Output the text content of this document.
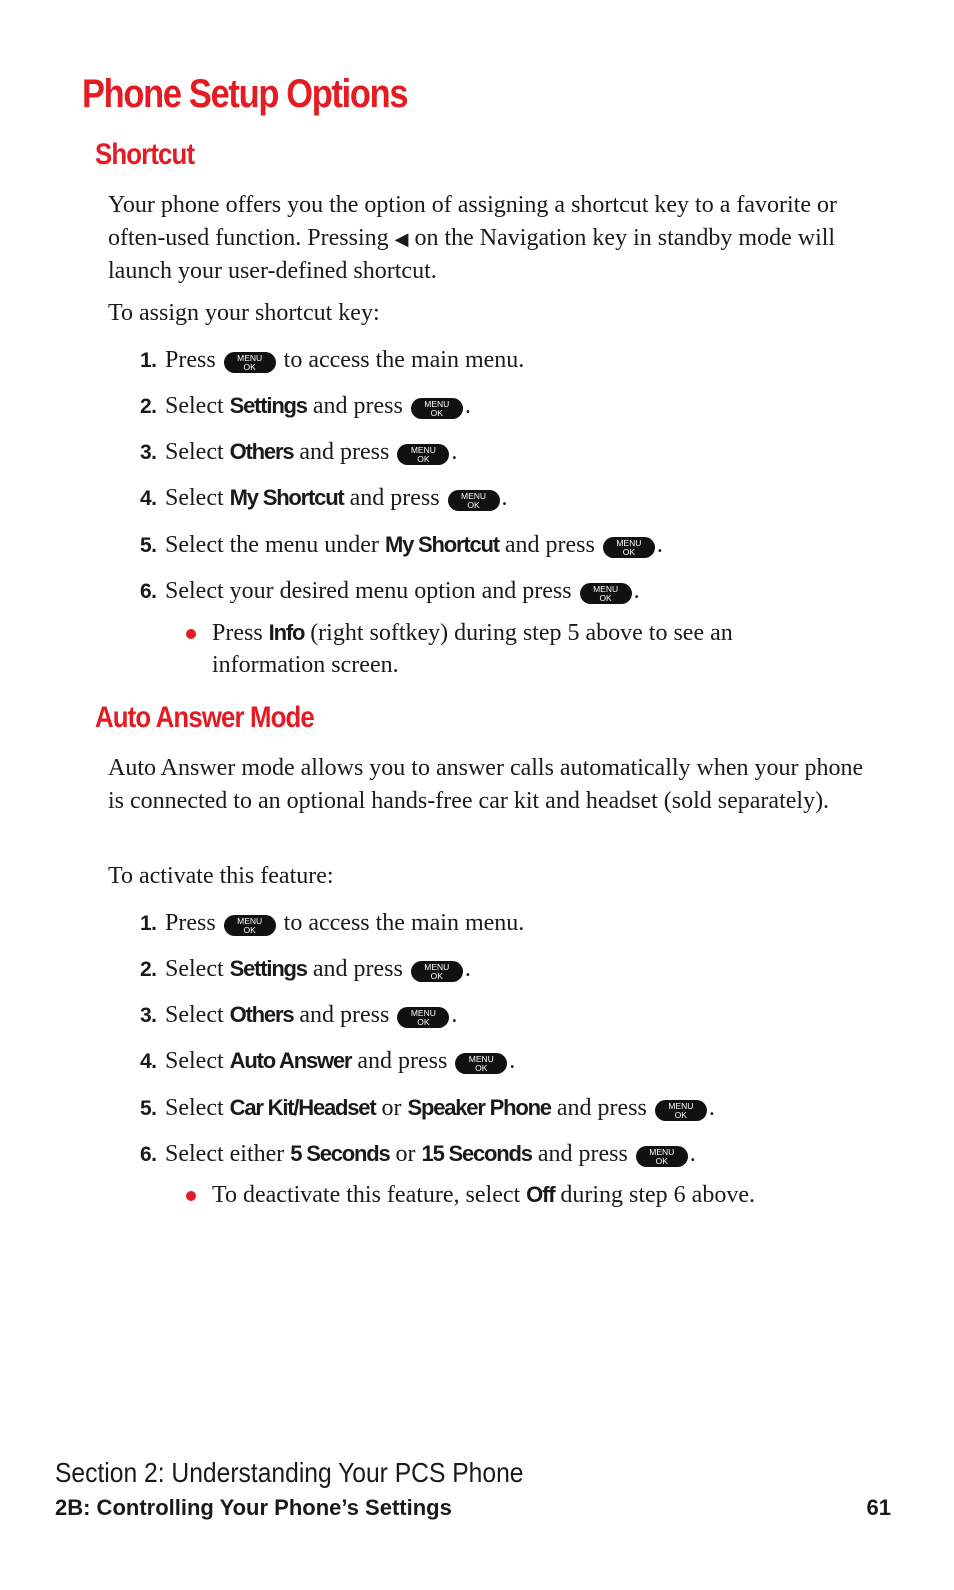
Phone Setup Options
Shortcut

Your phone offers you the option of assigning a shortcut key to a favorite or often-used function. Pressing ◀ on the Navigation key in standby mode will launch your user-defined shortcut.

To assign your shortcut key:

1. Press	MENU
OK to access the main menu.
2. Select Settings and press	MENU
OK .
3. Select Others and press	MENU
OK .
4. Select My Shortcut and press	MENU
OK .
5. Select the menu under My Shortcut and press	MENU
OK .
6. Select your desired menu option and press	MENU
OK .
Press Info (right softkey) during step 5 above to see an information screen.
Auto Answer Mode

Auto Answer mode allows you to answer calls automatically when your phone is connected to an optional hands-free car kit and headset (sold separately).

To activate this feature:

1. Press	MENU
OK to access the main menu.
2. Select Settings and press	MENU
OK .
3. Select Others and press	MENU
OK .
4. Select Auto Answer and press	MENU
OK .
5. Select Car Kit/Headset or Speaker Phone and press	MENU
OK .
6. Select either 5 Seconds or 15 Seconds and press	MENU
OK .
To deactivate this feature, select Off during step 6 above.
Section 2: Understanding Your PCS Phone
2B: Controlling Your Phone’s Settings	61
